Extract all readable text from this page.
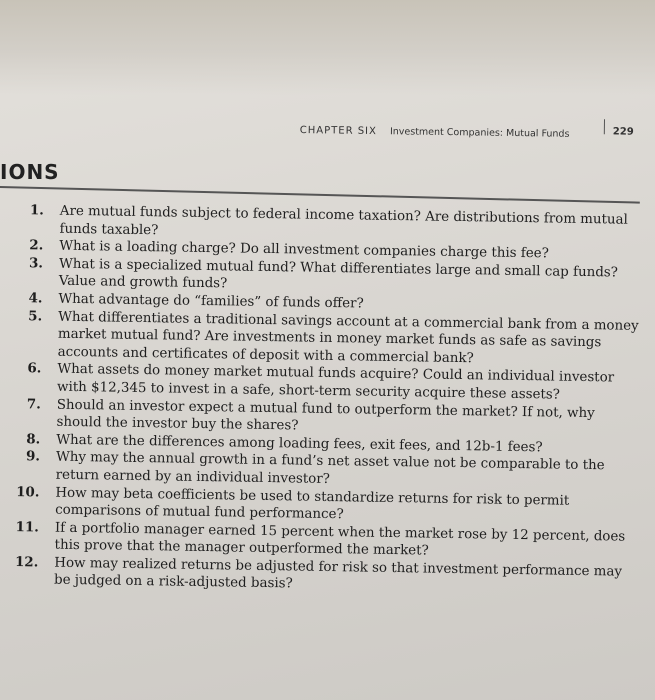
CHAPTER SIX Investment Companies: Mutual Funds	229
IONS
1. Are mutual funds subject to federal income taxation? Are distributions from mutual funds taxable?
2. What is a loading charge? Do all investment companies charge this fee?
3. What is a specialized mutual fund? What differentiates large and small cap funds? Value and growth funds?
4. What advantage do “families” of funds offer?
5. What differentiates a traditional savings account at a commercial bank from a money market mutual fund? Are investments in money market funds as safe as savings accounts and certificates of deposit with a commercial bank?
6. What assets do money market mutual funds acquire? Could an individual investor with $12,345 to invest in a safe, short-term security acquire these assets?
7. Should an investor expect a mutual fund to outperform the market? If not, why should the investor buy the shares?
8. What are the differences among loading fees, exit fees, and 12b-1 fees?
9. Why may the annual growth in a fund’s net asset value not be comparable to the return earned by an individual investor?
10. How may beta coefficients be used to standardize returns for risk to permit comparisons of mutual fund performance?
11. If a portfolio manager earned 15 percent when the market rose by 12 percent, does this prove that the manager outperformed the market?
12. How may realized returns be adjusted for risk so that investment performance may be judged on a risk-adjusted basis?
